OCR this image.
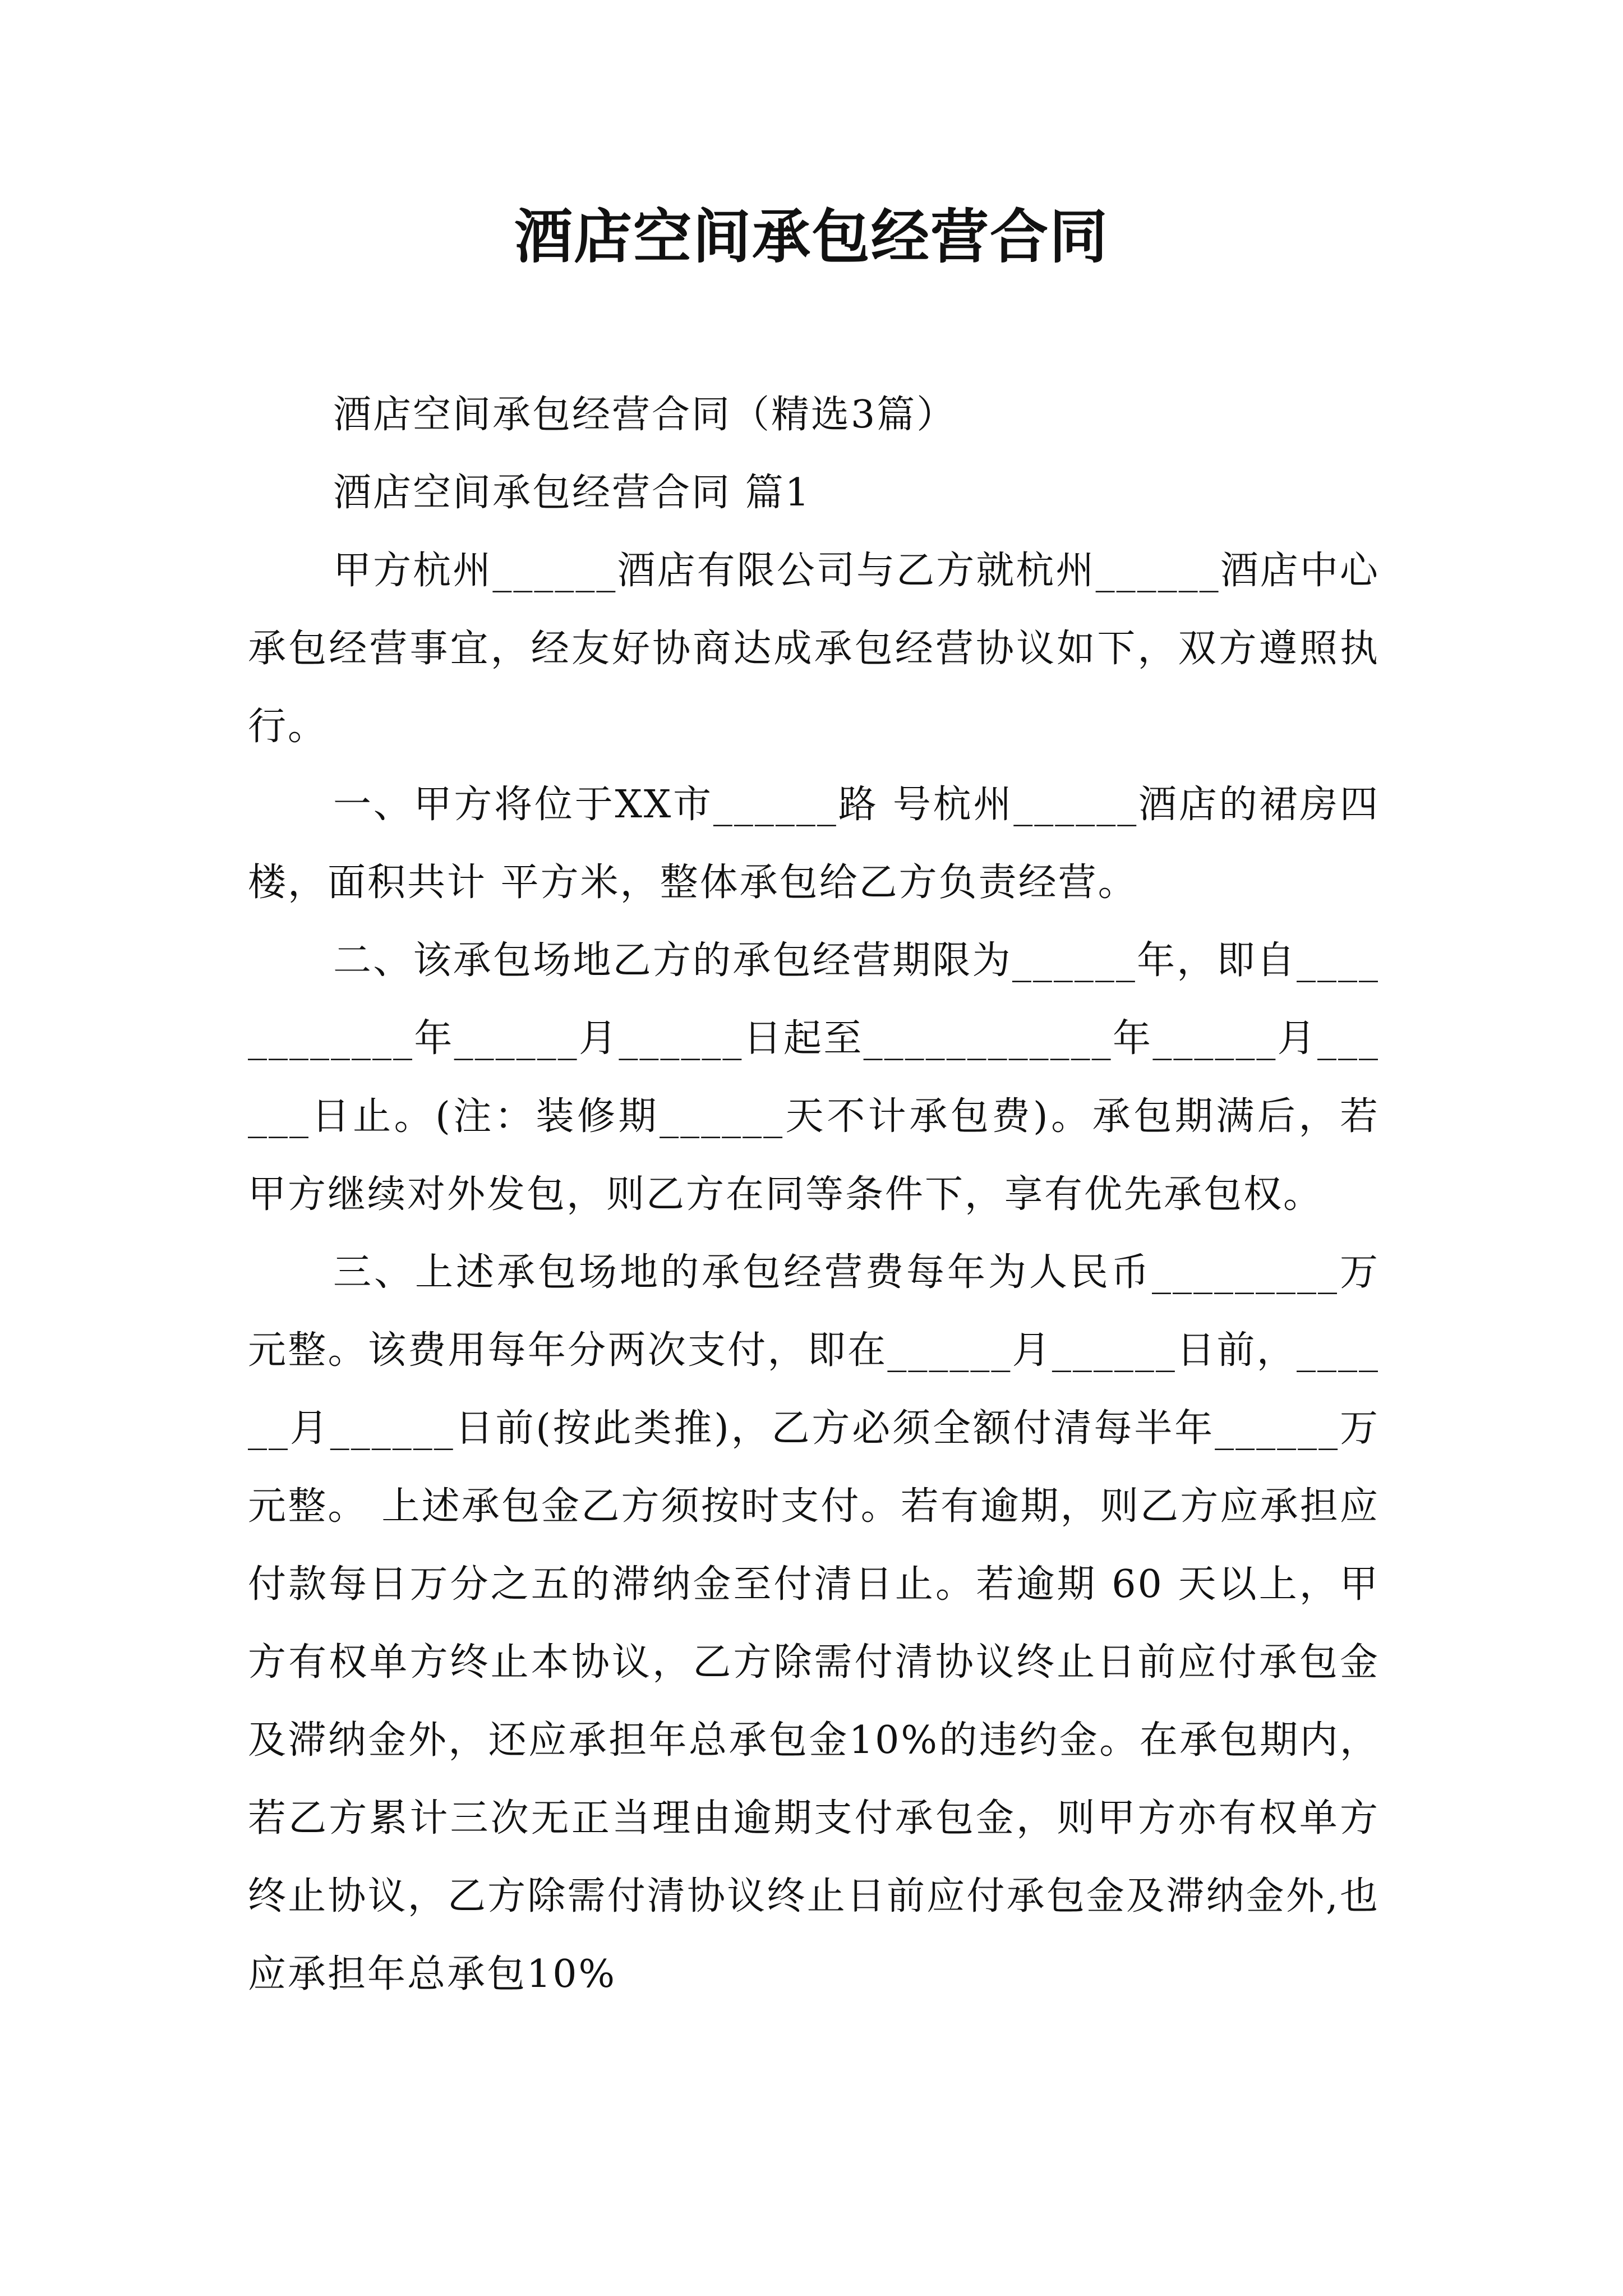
酒店空间承包经营合同

酒店空间承包经营合同（精选3篇）

酒店空间承包经营合同 篇1

甲方杭州______酒店有限公司与乙方就杭州______酒店中心承包经营事宜，经友好协商达成承包经营协议如下，双方遵照执行。

一、甲方将位于XX市______路 号杭州______酒店的裙房四楼，面积共计 平方米，整体承包给乙方负责经营。

二、该承包场地乙方的承包经营期限为______年，即自____________年______月______日起至____________年______月______日止。(注：装修期______天不计承包费)。承包期满后，若甲方继续对外发包，则乙方在同等条件下，享有优先承包权。

三、上述承包场地的承包经营费每年为人民币_________万元整。该费用每年分两次支付，即在______月______日前，______月______日前(按此类推)，乙方必须全额付清每半年______万元整。 上述承包金乙方须按时支付。若有逾期，则乙方应承担应付款每日万分之五的滞纳金至付清日止。若逾期 60 天以上，甲方有权单方终止本协议，乙方除需付清协议终止日前应付承包金及滞纳金外，还应承担年总承包金10%的违约金。在承包期内，若乙方累计三次无正当理由逾期支付承包金，则甲方亦有权单方终止协议，乙方除需付清协议终止日前应付承包金及滞纳金外,也应承担年总承包10%
